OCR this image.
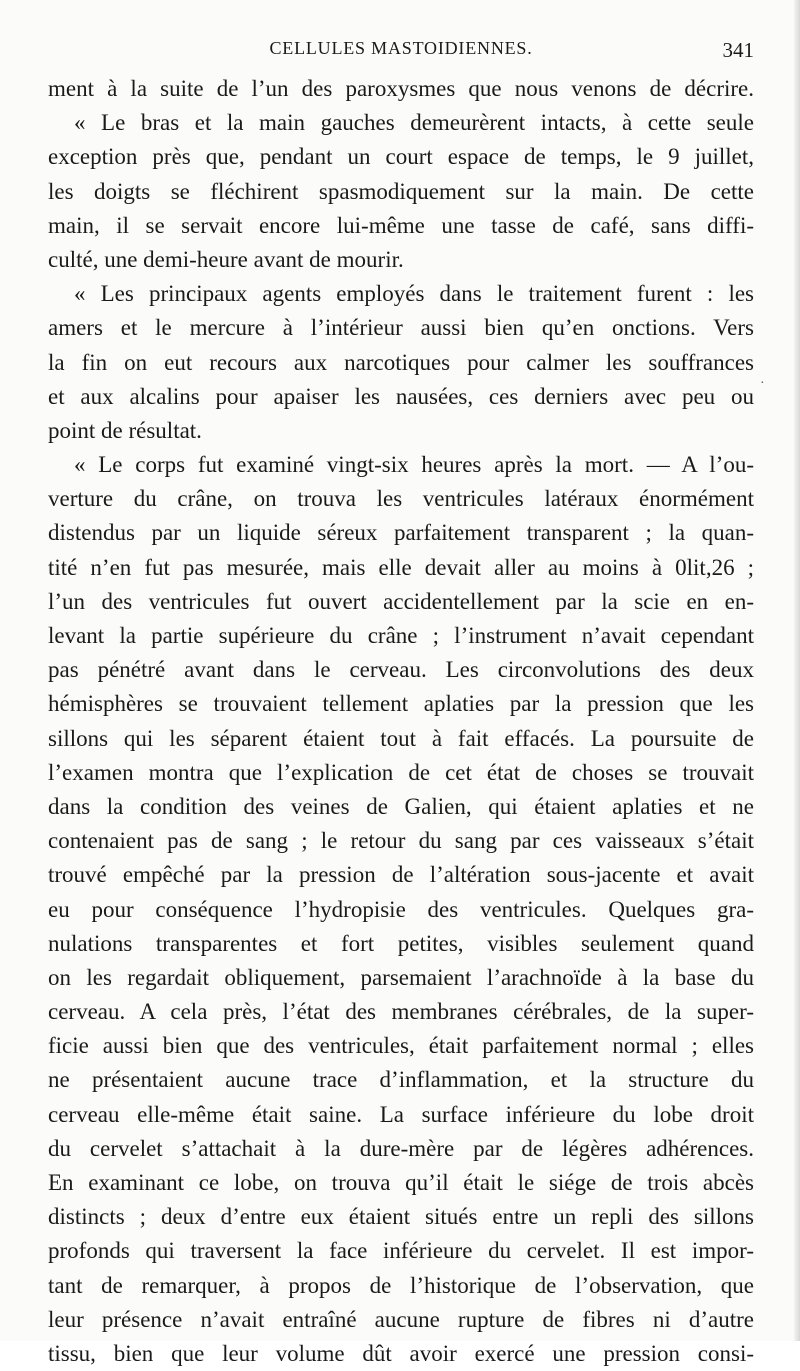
CELLULES MASTOIDIENNES.	341
ment à la suite de l’un des paroxysmes que nous venons de décrire.
« Le bras et la main gauches demeurèrent intacts, à cette seule
exception près que, pendant un court espace de temps, le 9 juillet,
les doigts se fléchirent spasmodiquement sur la main. De cette
main, il se servait encore lui-même une tasse de café, sans diffi-
culté, une demi-heure avant de mourir.
« Les principaux agents employés dans le traitement furent : les
amers et le mercure à l’intérieur aussi bien qu’en onctions. Vers
la fin on eut recours aux narcotiques pour calmer les souffrances
et aux alcalins pour apaiser les nausées, ces derniers avec peu ou
point de résultat.
« Le corps fut examiné vingt-six heures après la mort. — A l’ou-
verture du crâne, on trouva les ventricules latéraux énormément
distendus par un liquide séreux parfaitement transparent ; la quan-
tité n’en fut pas mesurée, mais elle devait aller au moins à 0lit,26 ;
l’un des ventricules fut ouvert accidentellement par la scie en en-
levant la partie supérieure du crâne ; l’instrument n’avait cependant
pas pénétré avant dans le cerveau. Les circonvolutions des deux
hémisphères se trouvaient tellement aplaties par la pression que les
sillons qui les séparent étaient tout à fait effacés. La poursuite de
l’examen montra que l’explication de cet état de choses se trouvait
dans la condition des veines de Galien, qui étaient aplaties et ne
contenaient pas de sang ; le retour du sang par ces vaisseaux s’était
trouvé empêché par la pression de l’altération sous-jacente et avait
eu pour conséquence l’hydropisie des ventricules. Quelques gra-
nulations transparentes et fort petites, visibles seulement quand
on les regardait obliquement, parsemaient l’arachnoïde à la base du
cerveau. A cela près, l’état des membranes cérébrales, de la super-
ficie aussi bien que des ventricules, était parfaitement normal ; elles
ne présentaient aucune trace d’inflammation, et la structure du
cerveau elle-même était saine. La surface inférieure du lobe droit
du cervelet s’attachait à la dure-mère par de légères adhérences.
En examinant ce lobe, on trouva qu’il était le siége de trois abcès
distincts ; deux d’entre eux étaient situés entre un repli des sillons
profonds qui traversent la face inférieure du cervelet. Il est impor-
tant de remarquer, à propos de l’historique de l’observation, que
leur présence n’avait entraîné aucune rupture de fibres ni d’autre
tissu, bien que leur volume dût avoir exercé une pression consi-
·
